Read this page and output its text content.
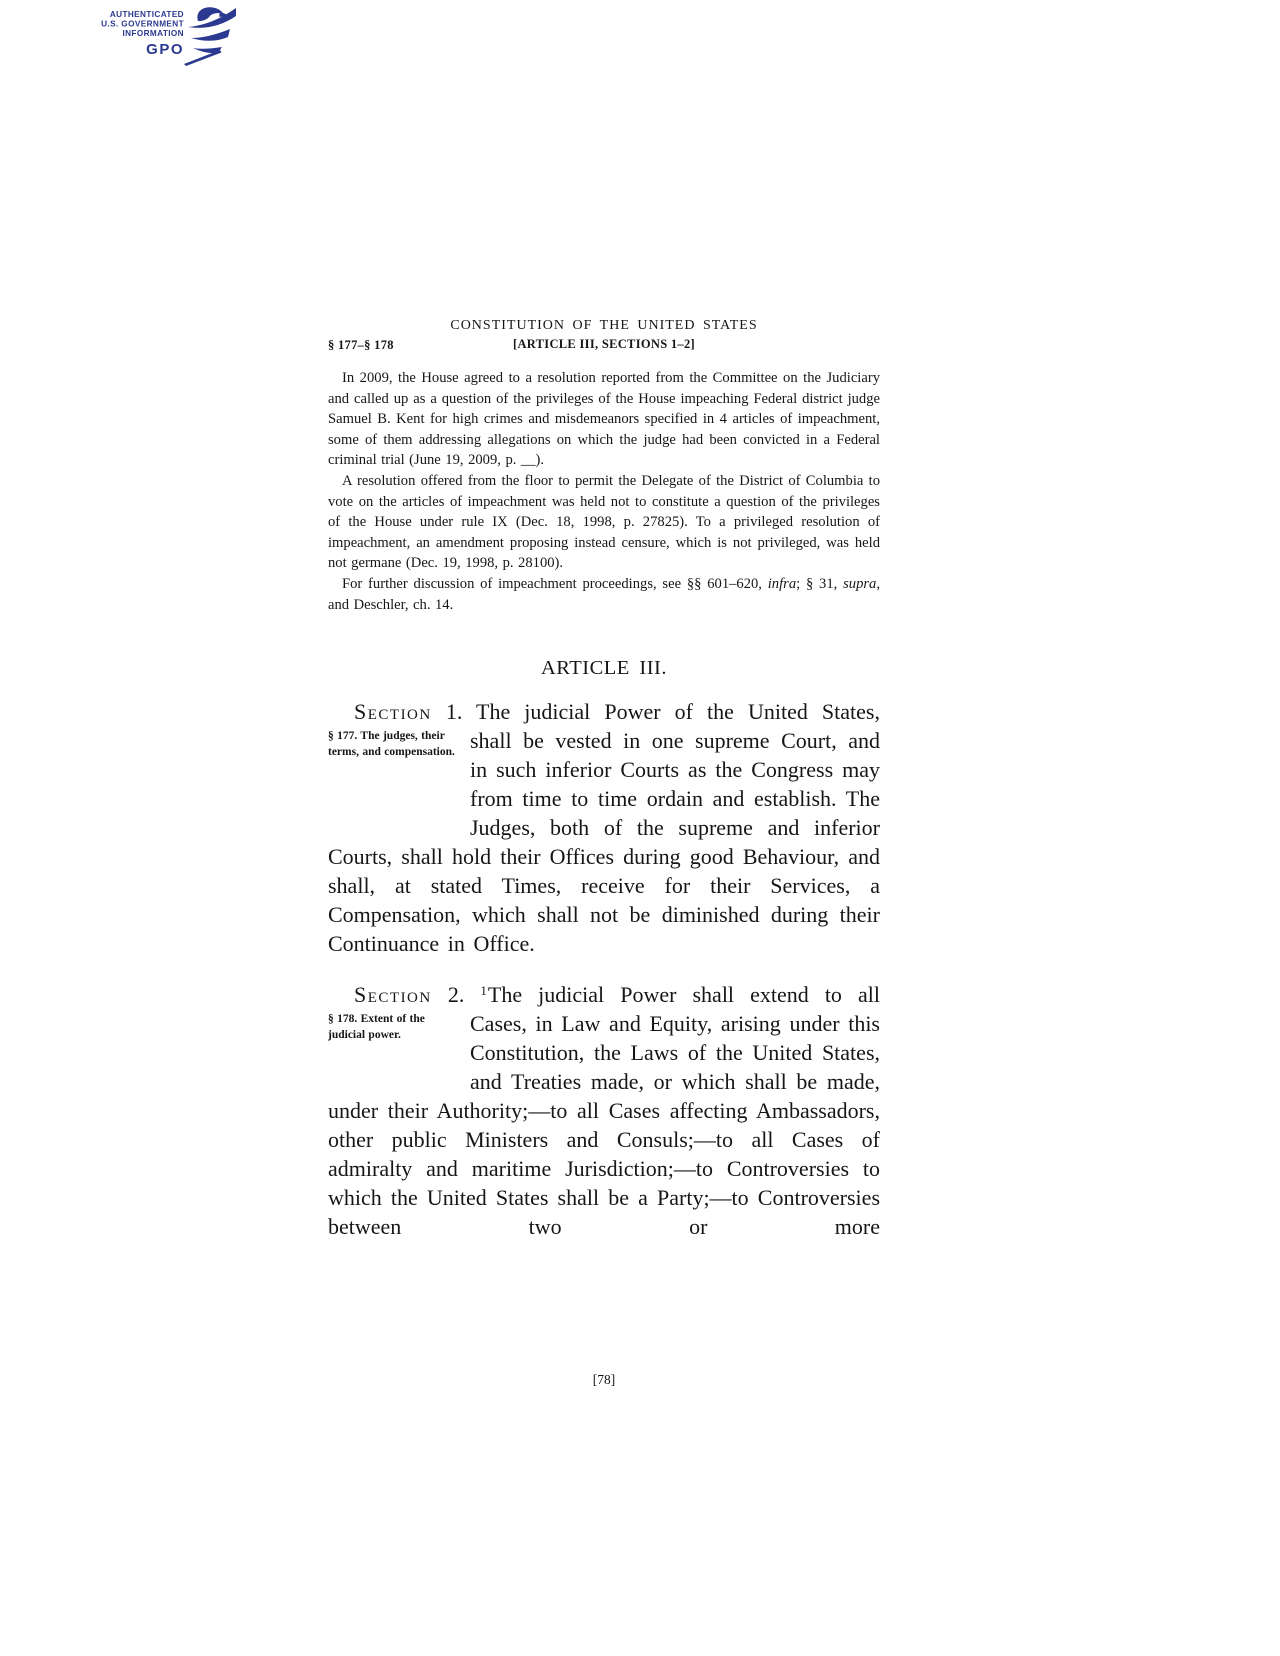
AUTHENTICATED
U.S. GOVERNMENT
INFORMATION
GPO

CONSTITUTION OF THE UNITED STATES

§ 177–§ 178	[ARTICLE III, SECTIONS 1–2]

In 2009, the House agreed to a resolution reported from the Committee on the Judiciary and called up as a question of the privileges of the House impeaching Federal district judge Samuel B. Kent for high crimes and misdemeanors specified in 4 articles of impeachment, some of them addressing allegations on which the judge had been convicted in a Federal criminal trial (June 19, 2009, p. __).

A resolution offered from the floor to permit the Delegate of the District of Columbia to vote on the articles of impeachment was held not to constitute a question of the privileges of the House under rule IX (Dec. 18, 1998, p. 27825). To a privileged resolution of impeachment, an amendment proposing instead censure, which is not privileged, was held not germane (Dec. 19, 1998, p. 28100).

For further discussion of impeachment proceedings, see §§ 601–620, infra; § 31, supra, and Deschler, ch. 14.

ARTICLE III.
§ 177. The judges, their terms, and compensation.

Section 1. The judicial Power of the United States, shall be vested in one supreme Court, and in such inferior Courts as the Congress may from time to time ordain and establish. The Judges, both of the supreme and inferior Courts, shall hold their Offices during good Behaviour, and shall, at stated Times, receive for their Services, a Compensation, which shall not be diminished during their Continuance in Office.

§ 178. Extent of the judicial power.

Section 2. $^1$The judicial Power shall extend to all Cases, in Law and Equity, arising under this Constitution, the Laws of the United States, and Treaties made, or which shall be made, under their Authority;—to all Cases affecting Ambassadors, other public Ministers and Consuls;—to all Cases of admiralty and maritime Jurisdiction;—to Controversies to which the United States shall be a Party;—to Controversies between two or more

[78]
